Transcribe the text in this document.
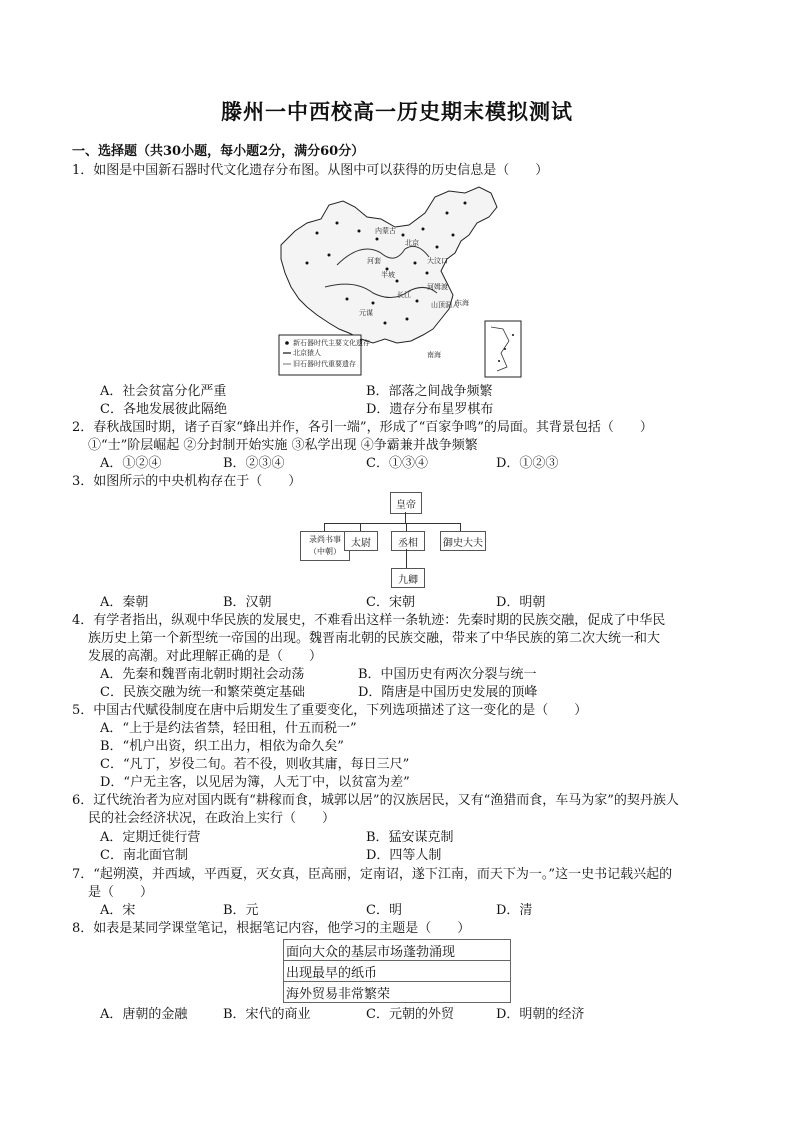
滕州一中西校高一历史期末模拟测试
一、选择题（共30小题，每小题2分，满分60分）
1．如图是中国新石器时代文化遗存分布图。从图中可以获得的历史信息是（　　）
北京
内蒙古
河套
长江
元谋
大汶口
半坡
河姆渡
山顶洞人
东海
南海
新石器时代主要文化遗存
北京猿人
旧石器时代重要遗存
A．社会贫富分化严重	B．部落之间战争频繁
C．各地发展彼此隔绝	D．遗存分布星罗棋布
2．春秋战国时期，诸子百家“蜂出并作，各引一端”，形成了“百家争鸣”的局面。其背景包括（　　）
①“士”阶层崛起 ②分封制开始实施 ③私学出现 ④争霸兼并战争频繁
A．①②④	B．②③④	C．①③④	D．①②③
3．如图所示的中央机构存在于（　　）
皇帝
录尚书事
（中朝）
太尉	丞相	御史大夫
九卿
A．秦朝	B．汉朝	C．宋朝	D．明朝
4．有学者指出，纵观中华民族的发展史，不难看出这样一条轨迹：先秦时期的民族交融，促成了中华民
族历史上第一个新型统一帝国的出现。魏晋南北朝的民族交融，带来了中华民族的第二次大统一和大
发展的高潮。对此理解正确的是（　　）
A．先秦和魏晋南北朝时期社会动荡	B．中国历史有两次分裂与统一
C．民族交融为统一和繁荣奠定基础	D．隋唐是中国历史发展的顶峰
5．中国古代赋役制度在唐中后期发生了重要变化，下列选项描述了这一变化的是（　　）
A．“上于是约法省禁，轻田租，什五而税一”
B．“机户出资，织工出力，相依为命久矣”
C．“凡丁，岁役二旬。若不役，则收其庸，每日三尺”
D．“户无主客，以见居为簿，人无丁中，以贫富为差”
6．辽代统治者为应对国内既有“耕稼而食，城郭以居”的汉族居民，又有“渔猎而食，车马为家”的契丹族人
民的社会经济状况，在政治上实行（　　）
A．定期迁徙行营	B．猛安谋克制
C．南北面官制	D．四等人制
7．“起朔漠，并西域，平西夏，灭女真，臣高丽，定南诏，遂下江南，而天下为一。”这一史书记载兴起的
是（　　）
A．宋	B．元	C．明	D．清
8．如表是某同学课堂笔记，根据笔记内容，他学习的主题是（　　）
面向大众的基层市场蓬勃涌现
出现最早的纸币
海外贸易非常繁荣
A．唐朝的金融	B．宋代的商业	C．元朝的外贸	D．明朝的经济
